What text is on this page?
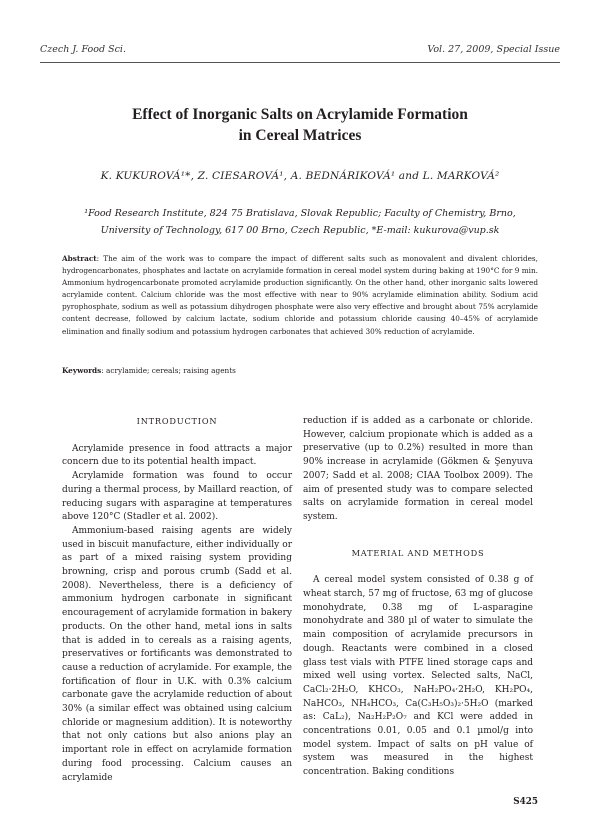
Czech J. Food Sci.	Vol. 27, 2009, Special Issue
Effect of Inorganic Salts on Acrylamide Formation
in Cereal Matrices
K. KUKUROVÁ¹*, Z. CIESAROVÁ¹, A. BEDNÁRIKOVÁ¹ and L. MARKOVÁ²
¹Food Research Institute, 824 75 Bratislava, Slovak Republic; Faculty of Chemistry, Brno,
University of Technology, 617 00 Brno, Czech Republic, *E-mail: kukurova@vup.sk
Abstract: The aim of the work was to compare the impact of different salts such as monovalent and divalent chlorides, hydrogencarbonates, phosphates and lactate on acrylamide formation in cereal model system during baking at 190°C for 9 min. Ammonium hydrogencarbonate promoted acrylamide production significantly. On the other hand, other inorganic salts lowered acrylamide content. Calcium chloride was the most effective with near to 90% acrylamide elimination ability. Sodium acid pyrophosphate, sodium as well as potassium dihydrogen phosphate were also very effective and brought about 75% acrylamide content decrease, followed by calcium lactate, sodium chloride and potassium chloride causing 40–45% of acrylamide elimination and finally sodium and potassium hydrogen carbonates that achieved 30% reduction of acrylamide.
Keywords: acrylamide; cereals; raising agents
INTRODUCTION

Acrylamide presence in food attracts a major concern due to its potential health impact.

Acrylamide formation was found to occur during a thermal process, by Maillard reaction, of reducing sugars with asparagine at temperatures above 120°C (Stadler et al. 2002).

Ammonium-based raising agents are widely used in biscuit manufacture, either individually or as part of a mixed raising system providing browning, crisp and porous crumb (Sadd et al. 2008). Nevertheless, there is a deficiency of ammonium hydrogen carbonate in significant encouragement of acrylamide formation in bakery products. On the other hand, metal ions in salts that is added in to cereals as a raising agents, preservatives or fortificants was demonstrated to cause a reduction of acrylamide. For example, the fortification of flour in U.K. with 0.3% calcium carbonate gave the acrylamide reduction of about 30% (a similar effect was obtained using calcium chloride or magnesium addition). It is noteworthy that not only cations but also anions play an important role in effect on acrylamide formation during food processing. Calcium causes an acrylamide

reduction if is added as a carbonate or chloride. However, calcium propionate which is added as a preservative (up to 0.2%) resulted in more than 90% increase in acrylamide (Gökmen & Şenyuva 2007; Sadd et al. 2008; CIAA Toolbox 2009). The aim of presented study was to compare selected salts on acrylamide formation in cereal model system.

MATERIAL AND METHODS

A cereal model system consisted of 0.38 g of wheat starch, 57 mg of fructose, 63 mg of glucose monohydrate, 0.38 mg of L-asparagine monohydrate and 380 µl of water to simulate the main composition of acrylamide precursors in dough. Reactants were combined in a closed glass test vials with PTFE lined storage caps and mixed well using vortex. Selected salts, NaCl, CaCl₂·2H₂O, KHCO₃, NaH₂PO₄·2H₂O, KH₂PO₄, NaHCO₃, NH₄HCO₃, Ca(C₃H₅O₃)₂·5H₂O (marked as: CaL₂), Na₂H₂P₂O₇ and KCl were added in concentrations 0.01, 0.05 and 0.1 µmol/g into model system. Impact of salts on pH value of system was measured in the highest concentration. Baking conditions

S425
